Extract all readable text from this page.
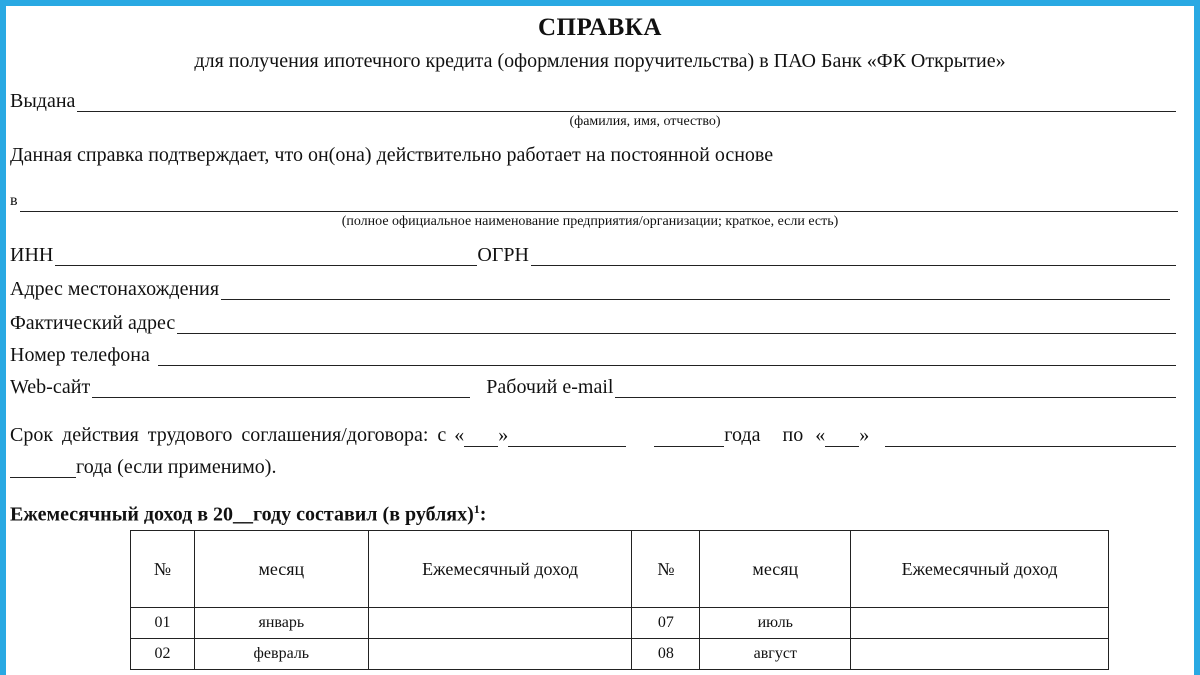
СПРАВКА
для получения ипотечного кредита (оформления поручительства) в ПАО Банк «ФК Открытие»
Выдана
(фамилия, имя, отчество)
Данная справка подтверждает, что он(она) действительно работает на постоянной основе
в
(полное официальное наименование предприятия/организации; краткое, если есть)
ИНН	ОГРН
Адрес местонахождения
Фактический адрес
Номер телефона
Web-сайт	Рабочий e-mail
Срок действия трудового соглашения/договора: с « »	года по « »
года (если применимо).
Ежемесячный доход в 20__году составил (в рублях)$^1$:
№	месяц	Ежемесячный доход	№	месяц	Ежемесячный доход
01	январь		07	июль	
02	февраль		08	август	
